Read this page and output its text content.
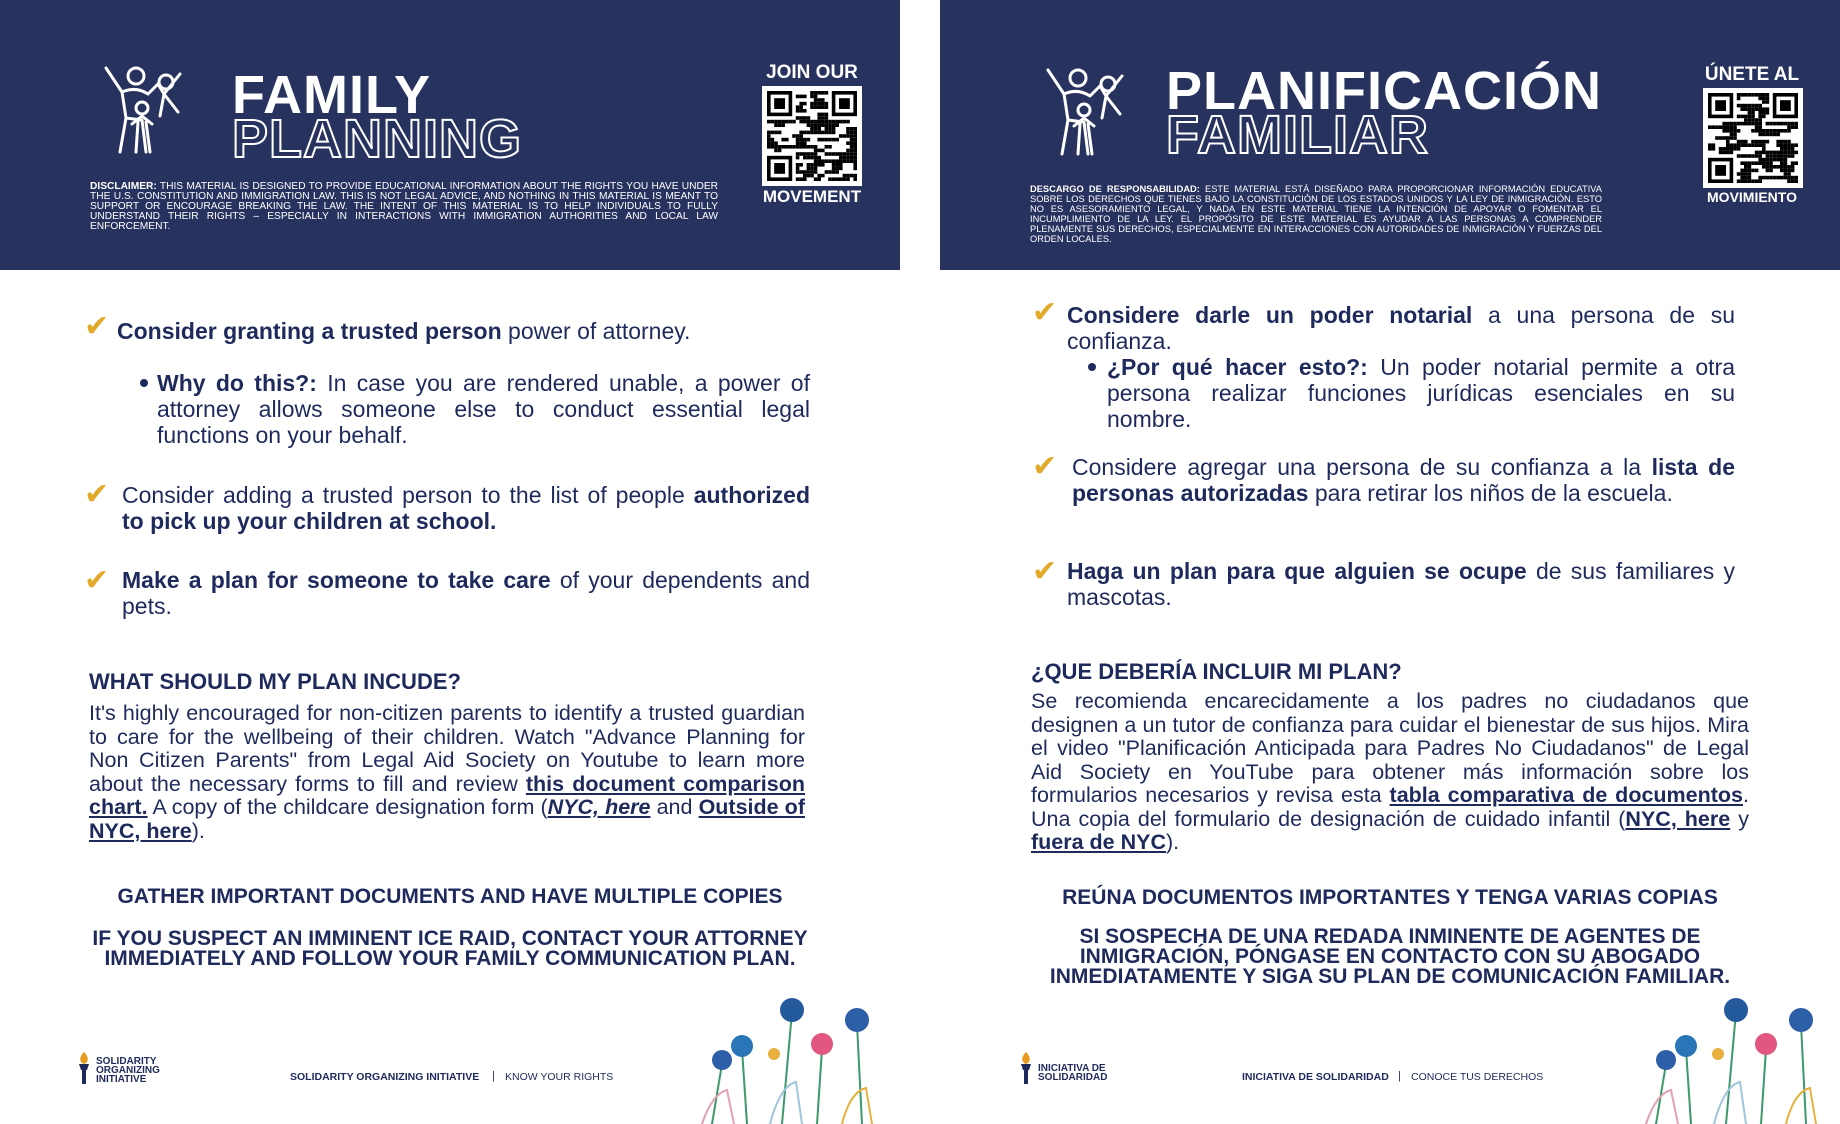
FAMILY
PLANNING
JOIN OUR
MOVEMENT
DISCLAIMER: THIS MATERIAL IS DESIGNED TO PROVIDE EDUCATIONAL INFORMATION ABOUT THE RIGHTS YOU HAVE UNDER THE U.S. CONSTITUTION AND IMMIGRATION LAW. THIS IS NOT LEGAL ADVICE, AND NOTHING IN THIS MATERIAL IS MEANT TO SUPPORT OR ENCOURAGE BREAKING THE LAW. THE INTENT OF THIS MATERIAL IS TO HELP INDIVIDUALS TO FULLY UNDERSTAND THEIR RIGHTS – ESPECIALLY IN INTERACTIONS WITH IMMIGRATION AUTHORITIES AND LOCAL LAW ENFORCEMENT.
✔ Consider granting a trusted person power of attorney.
Why do this?: In case you are rendered unable, a power of attorney allows someone else to conduct essential legal functions on your behalf.
✔ Consider adding a trusted person to the list of people authorized to pick up your children at school.
✔ Make a plan for someone to take care of your dependents and pets.
WHAT SHOULD MY PLAN INCUDE?

It's highly encouraged for non-citizen parents to identify a trusted guardian to care for the wellbeing of their children. Watch "Advance Planning for Non Citizen Parents" from Legal Aid Society on Youtube to learn more about the necessary forms to fill and review this document comparison chart. A copy of the childcare designation form (NYC, here and Outside of NYC, here).

GATHER IMPORTANT DOCUMENTS AND HAVE MULTIPLE COPIES
IF YOU SUSPECT AN IMMINENT ICE RAID, CONTACT YOUR ATTORNEY IMMEDIATELY AND FOLLOW YOUR FAMILY COMMUNICATION PLAN.
SOLIDARITY
ORGANIZING
INITIATIVE	SOLIDARITY ORGANIZING INITIATIVE | KNOW YOUR RIGHTS
PLANIFICACIÓN
FAMILIAR
ÚNETE AL
MOVIMIENTO
DESCARGO DE RESPONSABILIDAD: ESTE MATERIAL ESTÁ DISEÑADO PARA PROPORCIONAR INFORMACIÓN EDUCATIVA SOBRE LOS DERECHOS QUE TIENES BAJO LA CONSTITUCIÓN DE LOS ESTADOS UNIDOS Y LA LEY DE INMIGRACIÓN. ESTO NO ES ASESORAMIENTO LEGAL, Y NADA EN ESTE MATERIAL TIENE LA INTENCIÓN DE APOYAR O FOMENTAR EL INCUMPLIMIENTO DE LA LEY. EL PROPÓSITO DE ESTE MATERIAL ES AYUDAR A LAS PERSONAS A COMPRENDER PLENAMENTE SUS DERECHOS, ESPECIALMENTE EN INTERACCIONES CON AUTORIDADES DE INMIGRACIÓN Y FUERZAS DEL ORDEN LOCALES.
✔ Considere darle un poder notarial a una persona de su confianza.
¿Por qué hacer esto?: Un poder notarial permite a otra persona realizar funciones jurídicas esenciales en su nombre.
✔ Considere agregar una persona de su confianza a la lista de personas autorizadas para retirar los niños de la escuela.
✔ Haga un plan para que alguien se ocupe de sus familiares y mascotas.
¿QUE DEBERÍA INCLUIR MI PLAN?

Se recomienda encarecidamente a los padres no ciudadanos que designen a un tutor de confianza para cuidar el bienestar de sus hijos. Mira el video "Planificación Anticipada para Padres No Ciudadanos" de Legal Aid Society en YouTube para obtener más información sobre los formularios necesarios y revisa esta tabla comparativa de documentos. Una copia del formulario de designación de cuidado infantil (NYC, here y fuera de NYC).

REÚNA DOCUMENTOS IMPORTANTES Y TENGA VARIAS COPIAS
SI SOSPECHA DE UNA REDADA INMINENTE DE AGENTES DE INMIGRACIÓN, PÓNGASE EN CONTACTO CON SU ABOGADO INMEDIATAMENTE Y SIGA SU PLAN DE COMUNICACIÓN FAMILIAR.
INICIATIVA DE
SOLIDARIDAD	INICIATIVA DE SOLIDARIDAD | CONOCE TUS DERECHOS
